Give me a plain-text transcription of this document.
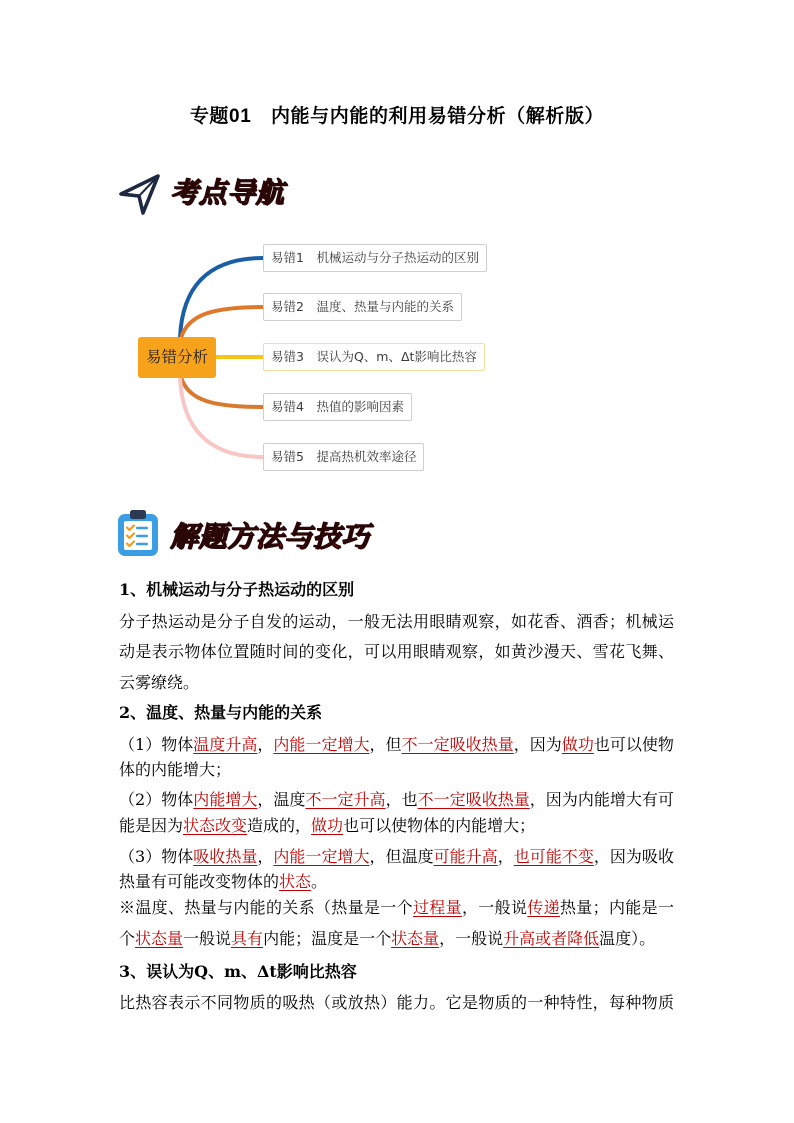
专题01　内能与内能的利用易错分析（解析版）
考点导航
易错分析
易错1　机械运动与分子热运动的区别
易错2　温度、热量与内能的关系
易错3　误认为Q、m、Δt影响比热容
易错4　热值的影响因素
易错5　提高热机效率途径
解题方法与技巧
1、机械运动与分子热运动的区别
分子热运动是分子自发的运动，一般无法用眼睛观察，如花香、酒香；机械运
动是表示物体位置随时间的变化，可以用眼睛观察，如黄沙漫天、雪花飞舞、
云雾缭绕。
2、温度、热量与内能的关系
（1）物体温度升高，内能一定增大，但不一定吸收热量，因为做功也可以使物
体的内能增大；
（2）物体内能增大，温度不一定升高，也不一定吸收热量，因为内能增大有可
能是因为状态改变造成的，做功也可以使物体的内能增大；
（3）物体吸收热量，内能一定增大，但温度可能升高，也可能不变，因为吸收
热量有可能改变物体的状态。
※温度、热量与内能的关系（热量是一个过程量，一般说传递热量；内能是一
个状态量一般说具有内能；温度是一个状态量，一般说升高或者降低温度）。
3、误认为Q、m、Δt影响比热容
比热容表示不同物质的吸热（或放热）能力。它是物质的一种特性，每种物质
